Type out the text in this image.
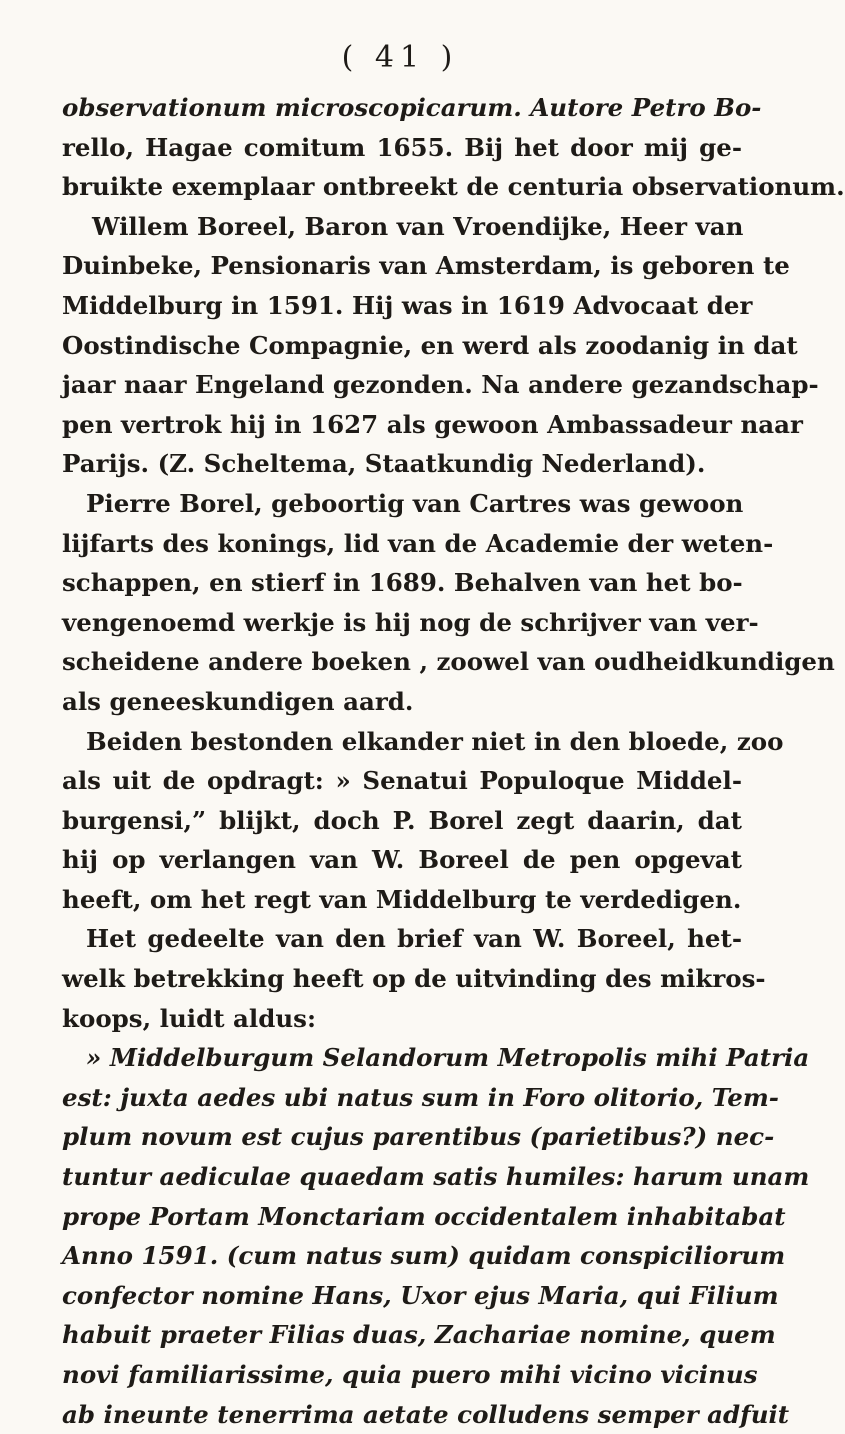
( 41 )
observationum microscopicarum. Autore Petro Bo-
rello, Hagae comitum 1655. Bij het door mij ge-
bruikte exemplaar ontbreekt de centuria observationum.
Willem Boreel, Baron van Vroendijke, Heer van
Duinbeke, Pensionaris van Amsterdam, is geboren te
Middelburg in 1591. Hij was in 1619 Advocaat der
Oostindische Compagnie, en werd als zoodanig in dat
jaar naar Engeland gezonden. Na andere gezandschap-
pen vertrok hij in 1627 als gewoon Ambassadeur naar
Parijs. (Z. Scheltema, Staatkundig Nederland).
Pierre Borel, geboortig van Cartres was gewoon
lijfarts des konings, lid van de Academie der weten-
schappen, en stierf in 1689. Behalven van het bo-
vengenoemd werkje is hij nog de schrijver van ver-
scheidene andere boeken , zoowel van oudheidkundigen
als geneeskundigen aard.
Beiden bestonden elkander niet in den bloede, zoo
als uit de opdragt: » Senatui Populoque Middel-
burgensi,” blijkt, doch P. Borel zegt daarin, dat
hij op verlangen van W. Boreel de pen opgevat
heeft, om het regt van Middelburg te verdedigen.
Het gedeelte van den brief van W. Boreel, het-
welk betrekking heeft op de uitvinding des mikros-
koops, luidt aldus:
» Middelburgum Selandorum Metropolis mihi Patria
est: juxta aedes ubi natus sum in Foro olitorio, Tem-
plum novum est cujus parentibus (parietibus?) nec-
tuntur aediculae quaedam satis humiles: harum unam
prope Portam Monctariam occidentalem inhabitabat
Anno 1591. (cum natus sum) quidam conspiciliorum
confector nomine Hans, Uxor ejus Maria, qui Filium
habuit praeter Filias duas, Zachariae nomine, quem
novi familiarissime, quia puero mihi vicino vicinus
ab ineunte tenerrima aetate colludens semper adfuit
